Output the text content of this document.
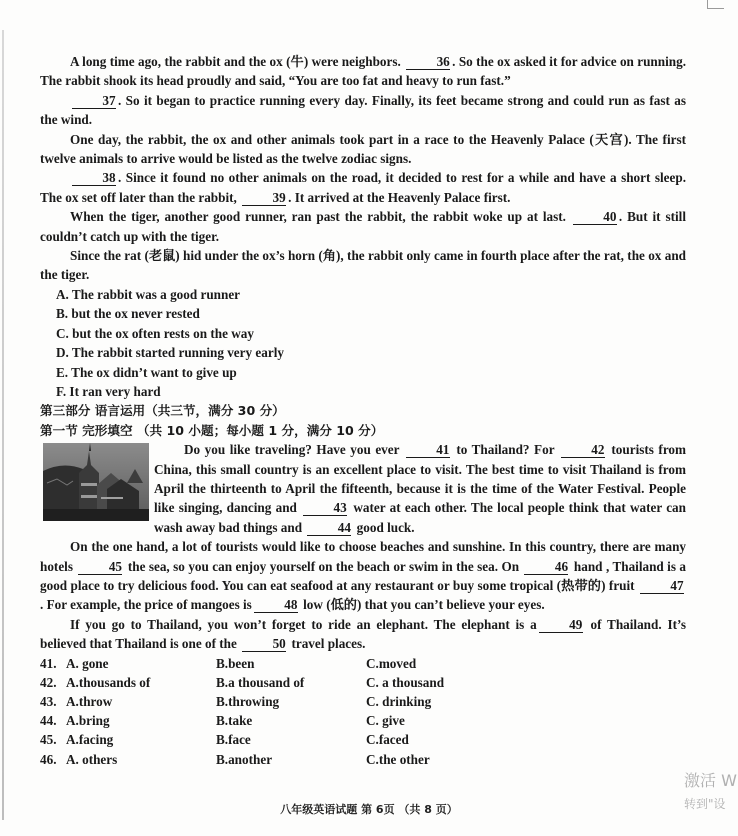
A long time ago, the rabbit and the ox (牛) were neighbors. 36 . So the ox asked it for advice on running. The rabbit shook its head proudly and said, “You are too fat and heavy to run fast.”

37 . So it began to practice running every day. Finally, its feet became strong and could run as fast as the wind.

One day, the rabbit, the ox and other animals took part in a race to the Heavenly Palace (天宫). The first twelve animals to arrive would be listed as the twelve zodiac signs.

38 . Since it found no other animals on the road, it decided to rest for a while and have a short sleep. The ox set off later than the rabbit, 39 . It arrived at the Heavenly Palace first.

When the tiger, another good runner, ran past the rabbit, the rabbit woke up at last. 40 . But it still couldn’t catch up with the tiger.

Since the rat (老鼠) hid under the ox’s horn (角), the rabbit only came in fourth place after the rat, the ox and the tiger.

A. The rabbit was a good runner

B. but the ox never rested

C. but the ox often rests on the way

D. The rabbit started running very early

E. The ox didn’t want to give up

F. It ran very hard

第三部分 语言运用（共三节，满分 30 分）

第一节 完形填空 （共 10 小题；每小题 1 分，满分 10 分）

Do you like traveling? Have you ever 41 to Thailand? For 42 tourists from China, this small country is an excellent place to visit. The best time to visit Thailand is from April the thirteenth to April the fifteenth, because it is the time of the Water Festival. People like singing, dancing and 43 water at each other. The local people think that water can wash away bad things and 44 good luck.

On the one hand, a lot of tourists would like to choose beaches and sunshine. In this country, there are many hotels 45 the sea, so you can enjoy yourself on the beach or swim in the sea. On 46 hand , Thailand is a good place to try delicious food. You can eat seafood at any restaurant or buy some tropical (热带的) fruit 47. For example, the price of mangoes is 48 low (低的) that you can’t believe your eyes.

If you go to Thailand, you won’t forget to ride an elephant. The elephant is a 49 of Thailand. It’s believed that Thailand is one of the 50 travel places.

41. A. gone	B.been	C.moved
42. A.thousands of	B.a thousand of	C. a thousand
43. A.throw	B.throwing	C. drinking
44. A.bring	B.take	C. give
45. A.facing	B.face	C.faced
46. A. others	B.another	C.the other
八年级英语试题 第 6页 （共 8 页）
激活 W
转到"设
